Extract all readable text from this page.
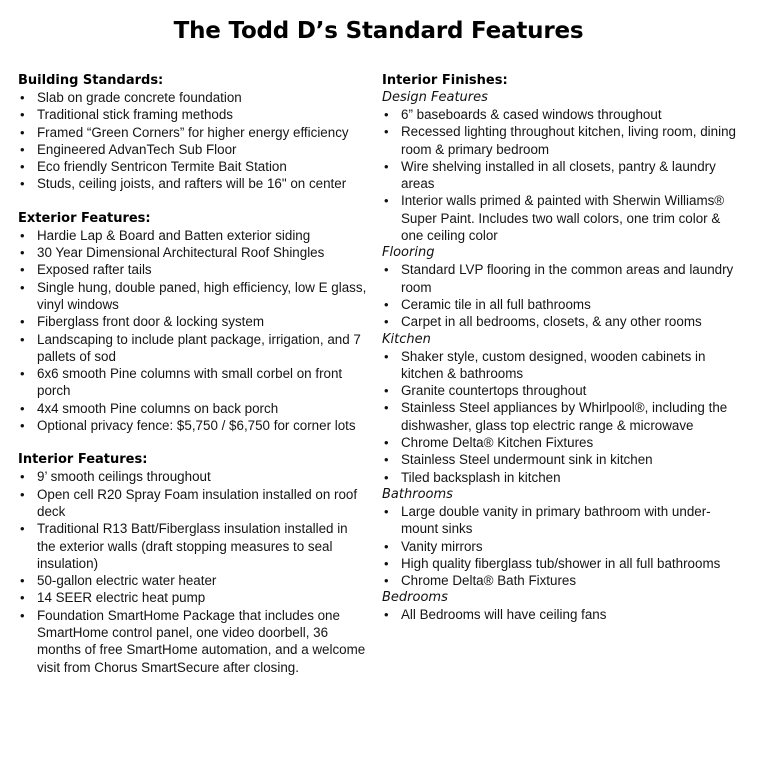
The Todd D’s Standard Features
Building Standards:
• Slab on grade concrete foundation
• Traditional stick framing methods
• Framed “Green Corners” for higher energy efficiency
• Engineered AdvanTech Sub Floor
• Eco friendly Sentricon Termite Bait Station
• Studs, ceiling joists, and rafters will be 16" on center
Exterior Features:
• Hardie Lap & Board and Batten exterior siding
• 30 Year Dimensional Architectural Roof Shingles
• Exposed rafter tails
• Single hung, double paned, high efficiency, low E glass, vinyl windows
• Fiberglass front door & locking system
• Landscaping to include plant package, irrigation, and 7 pallets of sod
• 6x6 smooth Pine columns with small corbel on front porch
• 4x4 smooth Pine columns on back porch
• Optional privacy fence: $5,750 / $6,750 for corner lots
Interior Features:
• 9’ smooth ceilings throughout
• Open cell R20 Spray Foam insulation installed on roof deck
• Traditional R13 Batt/Fiberglass insulation installed in the exterior walls (draft stopping measures to seal insulation)
• 50-gallon electric water heater
• 14 SEER electric heat pump
• Foundation SmartHome Package that includes one SmartHome control panel, one video doorbell, 36 months of free SmartHome automation, and a welcome visit from Chorus SmartSecure after closing.
Interior Finishes:
Design Features
• 6” baseboards & cased windows throughout
• Recessed lighting throughout kitchen, living room, dining room & primary bedroom
• Wire shelving installed in all closets, pantry & laundry areas
• Interior walls primed & painted with Sherwin Williams® Super Paint. Includes two wall colors, one trim color & one ceiling color
Flooring
• Standard LVP flooring in the common areas and laundry room
• Ceramic tile in all full bathrooms
• Carpet in all bedrooms, closets, & any other rooms
Kitchen
• Shaker style, custom designed, wooden cabinets in kitchen & bathrooms
• Granite countertops throughout
• Stainless Steel appliances by Whirlpool®, including the dishwasher, glass top electric range & microwave
• Chrome Delta® Kitchen Fixtures
• Stainless Steel undermount sink in kitchen
• Tiled backsplash in kitchen
Bathrooms
• Large double vanity in primary bathroom with under-mount sinks
• Vanity mirrors
• High quality fiberglass tub/shower in all full bathrooms
• Chrome Delta® Bath Fixtures
Bedrooms
• All Bedrooms will have ceiling fans
